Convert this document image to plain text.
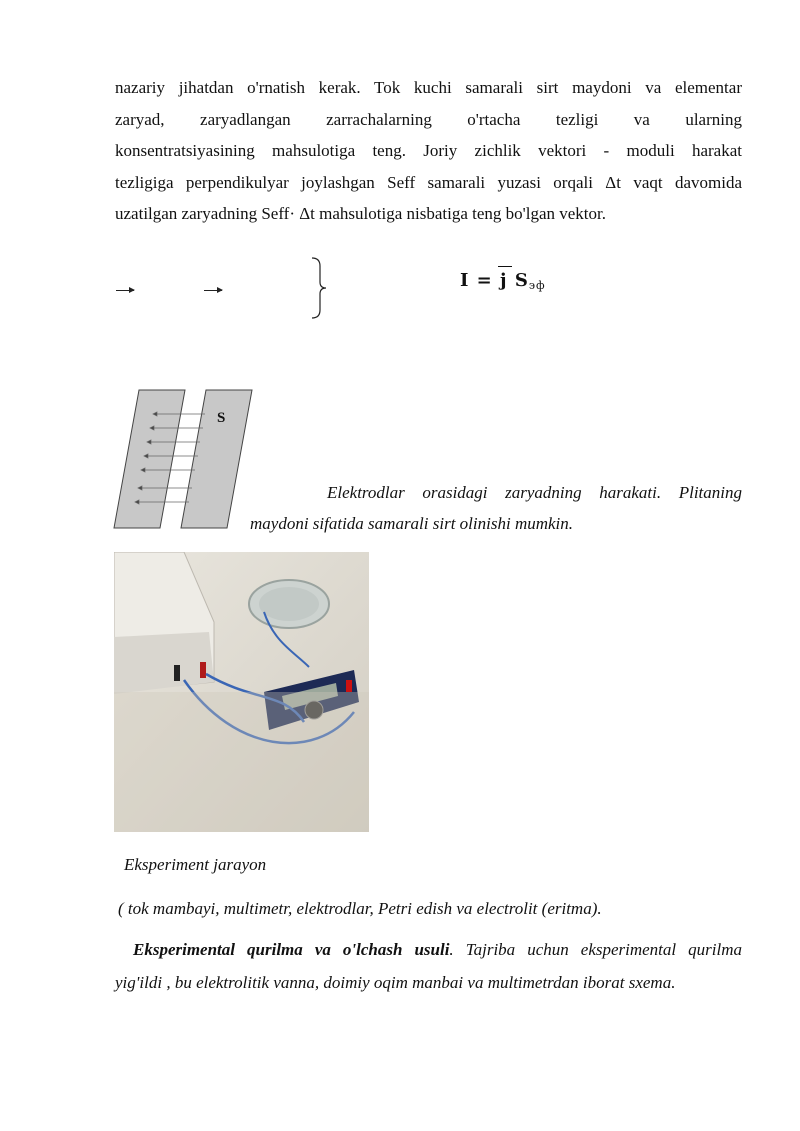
nazariy jihatdan o'rnatish kerak. Tok kuchi samarali sirt maydoni va elementar
zaryad, zaryadlangan zarrachalarning o'rtacha tezligi va ularning
konsentratsiyasining mahsulotiga teng. Joriy zichlik vektori - moduli harakat
tezligiga perpendikulyar joylashgan Seff samarali yuzasi orqali Δt vaqt davomida
uzatilgan zaryadning Seff· Δt mahsulotiga nisbatiga teng bo'lgan vektor.
I = j $S_{эф}$
S
Elektrodlar orasidagi zaryadning harakati. Plitaning
maydoni sifatida samarali sirt olinishi mumkin.
Eksperiment jarayon
( tok mambayi, multimetr, elektrodlar, Petri edish va electrolit (eritma).
Eksperimental qurilma va o'lchash usuli. Tajriba uchun eksperimental qurilma
yig'ildi , bu elektrolitik vanna, doimiy oqim manbai va multimetrdan iborat sxema.
